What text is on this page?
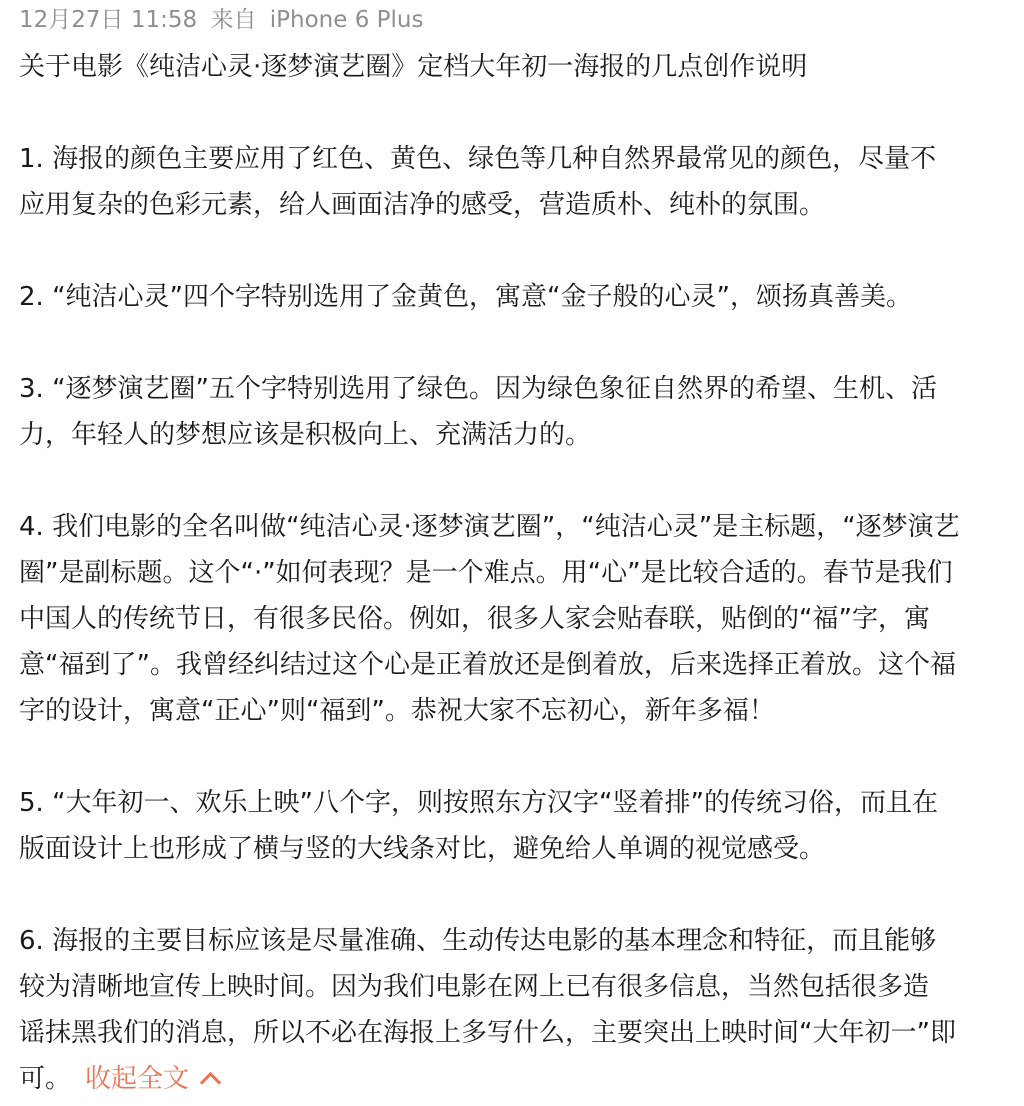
12月27日 11:58 来自 iPhone 6 Plus
关于电影《纯洁心灵·逐梦演艺圈》定档大年初一海报的几点创作说明
1. 海报的颜色主要应用了红色、黄色、绿色等几种自然界最常见的颜色，尽量不
应用复杂的色彩元素，给人画面洁净的感受，营造质朴、纯朴的氛围。
2. “纯洁心灵”四个字特别选用了金黄色，寓意“金子般的心灵”，颂扬真善美。
3. “逐梦演艺圈”五个字特别选用了绿色。因为绿色象征自然界的希望、生机、活
力，年轻人的梦想应该是积极向上、充满活力的。
4. 我们电影的全名叫做“纯洁心灵·逐梦演艺圈”，“纯洁心灵”是主标题，“逐梦演艺
圈”是副标题。这个“·”如何表现？是一个难点。用“心”是比较合适的。春节是我们
中国人的传统节日，有很多民俗。例如，很多人家会贴春联，贴倒的“福”字，寓
意“福到了”。我曾经纠结过这个心是正着放还是倒着放，后来选择正着放。这个福
字的设计，寓意“正心”则“福到”。恭祝大家不忘初心，新年多福！
5. “大年初一、欢乐上映”八个字，则按照东方汉字“竖着排”的传统习俗，而且在
版面设计上也形成了横与竖的大线条对比，避免给人单调的视觉感受。
6. 海报的主要目标应该是尽量准确、生动传达电影的基本理念和特征，而且能够
较为清晰地宣传上映时间。因为我们电影在网上已有很多信息，当然包括很多造
谣抹黑我们的消息，所以不必在海报上多写什么，主要突出上映时间“大年初一”即
可。 收起全文
